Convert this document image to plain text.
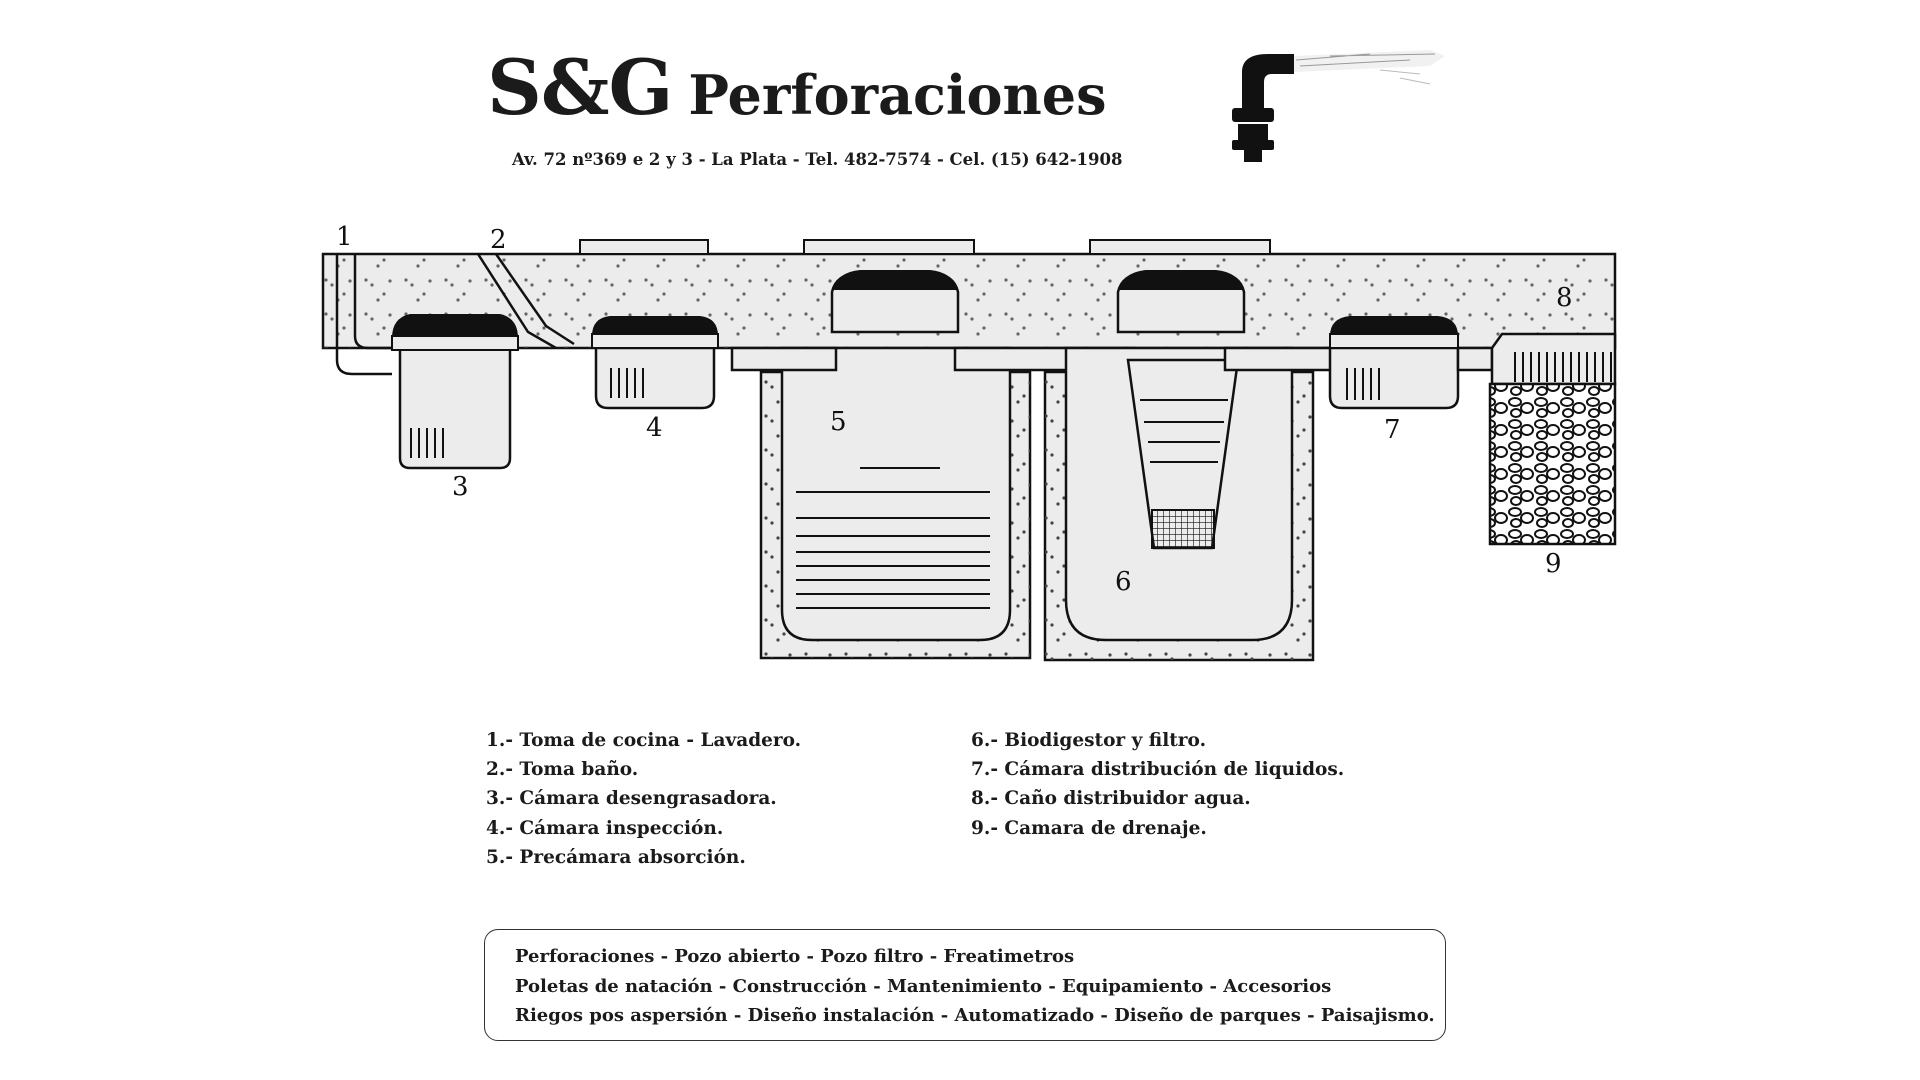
S&G Perforaciones
Av. 72 nº369 e 2 y 3 - La Plata - Tel. 482-7574 - Cel. (15) 642-1908
1	2
3
4	5
6
7
8
9
1.- Toma de cocina - Lavadero.
2.- Toma baño.
3.- Cámara desengrasadora.
4.- Cámara inspección.
5.- Precámara absorción.
6.- Biodigestor y filtro.
7.- Cámara distribución de liquidos.
8.- Caño distribuidor agua.
9.- Camara de drenaje.
Perforaciones - Pozo abierto - Pozo filtro - Freatimetros
Poletas de natación - Construcción - Mantenimiento - Equipamiento - Accesorios
Riegos pos aspersión - Diseño instalación - Automatizado - Diseño de parques - Paisajismo.
